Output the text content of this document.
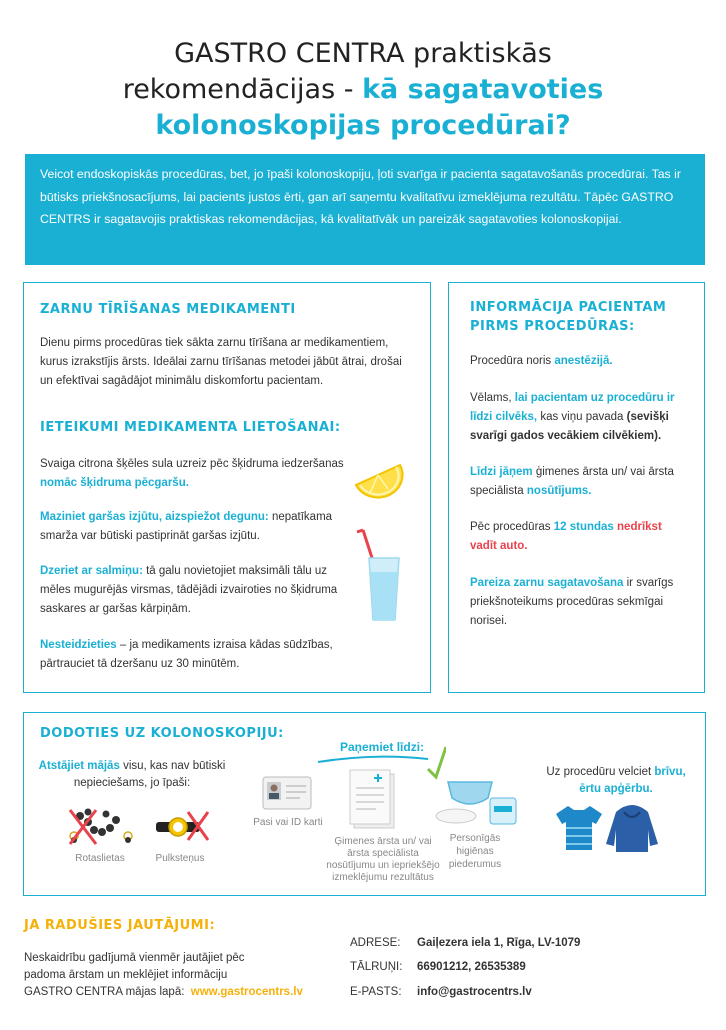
GASTRO CENTRA praktiskās
rekomendācijas - kā sagatavoties
kolonoskopijas procedūrai?
Veicot endoskopiskās procedūras, bet, jo īpaši kolonoskopiju, ļoti svarīga ir pacienta sagatavošanās procedūrai. Tas ir būtisks priekšnosacījums, lai pacients justos ērti, gan arī saņemtu kvalitatīvu izmeklējuma rezultātu. Tāpēc GASTRO CENTRS ir sagatavojis praktiskas rekomendācijas, kā kvalitatīvāk un pareizāk sagatavoties kolonoskopijai.
ZARNU TĪRĪŠANAS MEDIKAMENTI
Dienu pirms procedūras tiek sākta zarnu tīrīšana ar medikamentiem, kurus izrakstījis ārsts. Ideālai zarnu tīrīšanas metodei jābūt ātrai, drošai un efektīvai sagādājot minimālu diskomfortu pacientam.
IETEIKUMI MEDIKAMENTA LIETOŠANAI:
Svaiga citrona šķēles sula uzreiz pēc šķidruma iedzeršanas
nomāc šķidruma pēcgaršu.
Maziniet garšas izjūtu, aizspiežot degunu: nepatīkama smarža var būtiski pastiprināt garšas izjūtu.
Dzeriet ar salmiņu: tā galu novietojiet maksimāli tālu uz mēles mugurējās virsmas, tādējādi izvairoties no šķidruma saskares ar garšas kārpiņām.
Nesteidzieties – ja medikaments izraisa kādas sūdzības, pārtrauciet tā dzeršanu uz 30 minūtēm.
INFORMĀCIJA PACIENTAM
PIRMS PROCEDŪRAS:
Procedūra noris anestēzijā.
Vēlams, lai pacientam uz procedūru ir līdzi cilvēks, kas viņu pavada (sevišķi svarīgi gados vecākiem cilvēkiem).
Līdzi jāņem ģimenes ārsta un/ vai ārsta speciālista nosūtījums.
Pēc procedūras 12 stundas nedrīkst vadīt auto.
Pareiza zarnu sagatavošana ir svarīgs priekšnoteikums procedūras sekmīgai norisei.
DODOTIES UZ KOLONOSKOPIJU:
Atstājiet mājās visu, kas nav būtiski nepieciešams, jo īpaši:
Rotaslietas	Pulksteņus
Paņemiet līdzi:
Pasi vai ID karti
Ģimenes ārsta un/ vai ārsta speciālista nosūtījumu un iepriekšējo izmeklējumu rezultātus
Personīgās higiēnas piederumus
Uz procedūru velciet brīvu, ērtu apģērbu.
JA RADUŠIES JAUTĀJUMI:
Neskaidrību gadījumā vienmēr jautājiet pēc
padoma ārstam un meklējiet informāciju
GASTRO CENTRA mājas lapā: www.gastrocentrs.lv
ADRESE: Gaiļezera iela 1, Rīga, LV-1079
TĀLRUŅI: 66901212, 26535389
E-PASTS: info@gastrocentrs.lv
